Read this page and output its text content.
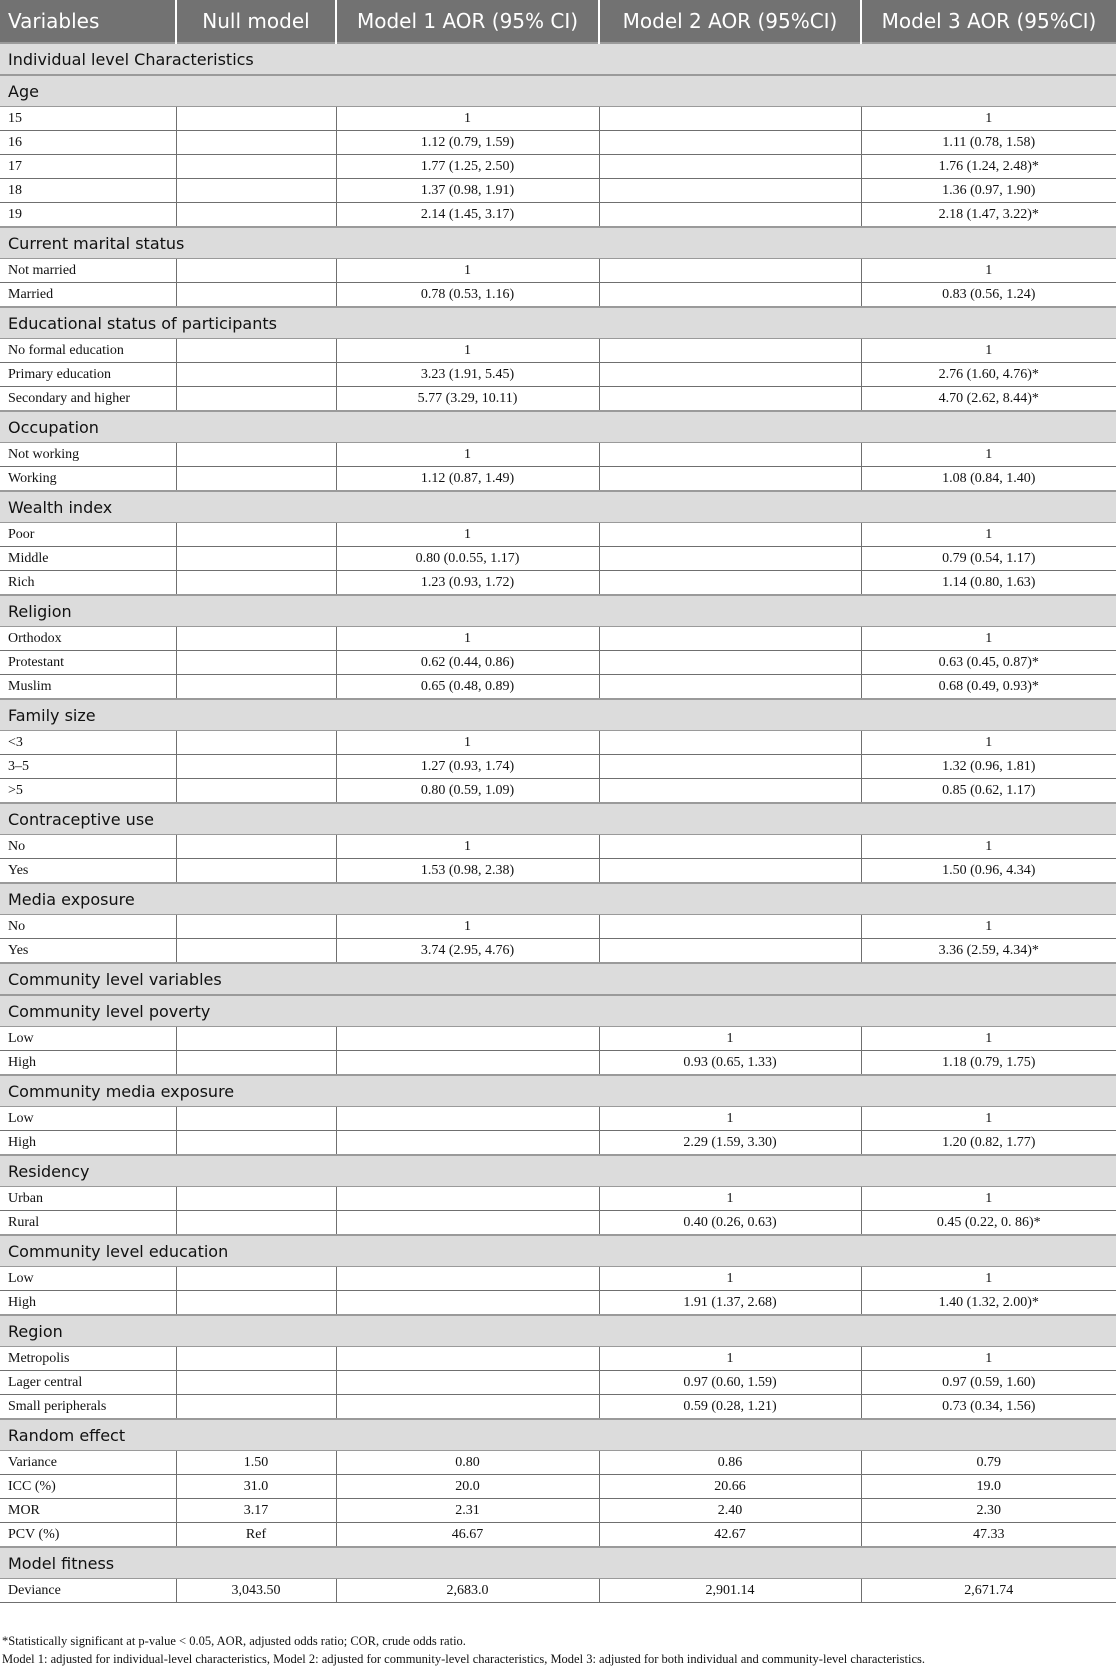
Variables	Null model	Model 1 AOR (95% CI)	Model 2 AOR (95%CI)	Model 3 AOR (95%CI)
Individual level Characteristics				
Age				
15		1		1
16		1.12 (0.79, 1.59)		1.11 (0.78, 1.58)
17		1.77 (1.25, 2.50)		1.76 (1.24, 2.48)*
18		1.37 (0.98, 1.91)		1.36 (0.97, 1.90)
19		2.14 (1.45, 3.17)		2.18 (1.47, 3.22)*
Current marital status				
Not married		1		1
Married		0.78 (0.53, 1.16)		0.83 (0.56, 1.24)
Educational status of participants				
No formal education		1		1
Primary education		3.23 (1.91, 5.45)		2.76 (1.60, 4.76)*
Secondary and higher		5.77 (3.29, 10.11)		4.70 (2.62, 8.44)*
Occupation				
Not working		1		1
Working		1.12 (0.87, 1.49)		1.08 (0.84, 1.40)
Wealth index				
Poor		1		1
Middle		0.80 (0.0.55, 1.17)		0.79 (0.54, 1.17)
Rich		1.23 (0.93, 1.72)		1.14 (0.80, 1.63)
Religion				
Orthodox		1		1
Protestant		0.62 (0.44, 0.86)		0.63 (0.45, 0.87)*
Muslim		0.65 (0.48, 0.89)		0.68 (0.49, 0.93)*
Family size				
<3		1		1
3–5		1.27 (0.93, 1.74)		1.32 (0.96, 1.81)
>5		0.80 (0.59, 1.09)		0.85 (0.62, 1.17)
Contraceptive use				
No		1		1
Yes		1.53 (0.98, 2.38)		1.50 (0.96, 4.34)
Media exposure				
No		1		1
Yes		3.74 (2.95, 4.76)		3.36 (2.59, 4.34)*
Community level variables				
Community level poverty				
Low			1	1
High			0.93 (0.65, 1.33)	1.18 (0.79, 1.75)
Community media exposure				
Low			1	1
High			2.29 (1.59, 3.30)	1.20 (0.82, 1.77)
Residency				
Urban			1	1
Rural			0.40 (0.26, 0.63)	0.45 (0.22, 0. 86)*
Community level education				
Low			1	1
High			1.91 (1.37, 2.68)	1.40 (1.32, 2.00)*
Region				
Metropolis			1	1
Lager central			0.97 (0.60, 1.59)	0.97 (0.59, 1.60)
Small peripherals			0.59 (0.28, 1.21)	0.73 (0.34, 1.56)
Random effect				
Variance	1.50	0.80	0.86	0.79
ICC (%)	31.0	20.0	20.66	19.0
MOR	3.17	2.31	2.40	2.30
PCV (%)	Ref	46.67	42.67	47.33
Model fitness				
Deviance	3,043.50	2,683.0	2,901.14	2,671.74

*Statistically significant at p-value < 0.05, AOR, adjusted odds ratio; COR, crude odds ratio.

Model 1: adjusted for individual-level characteristics, Model 2: adjusted for community-level characteristics, Model 3: adjusted for both individual and community-level characteristics.
